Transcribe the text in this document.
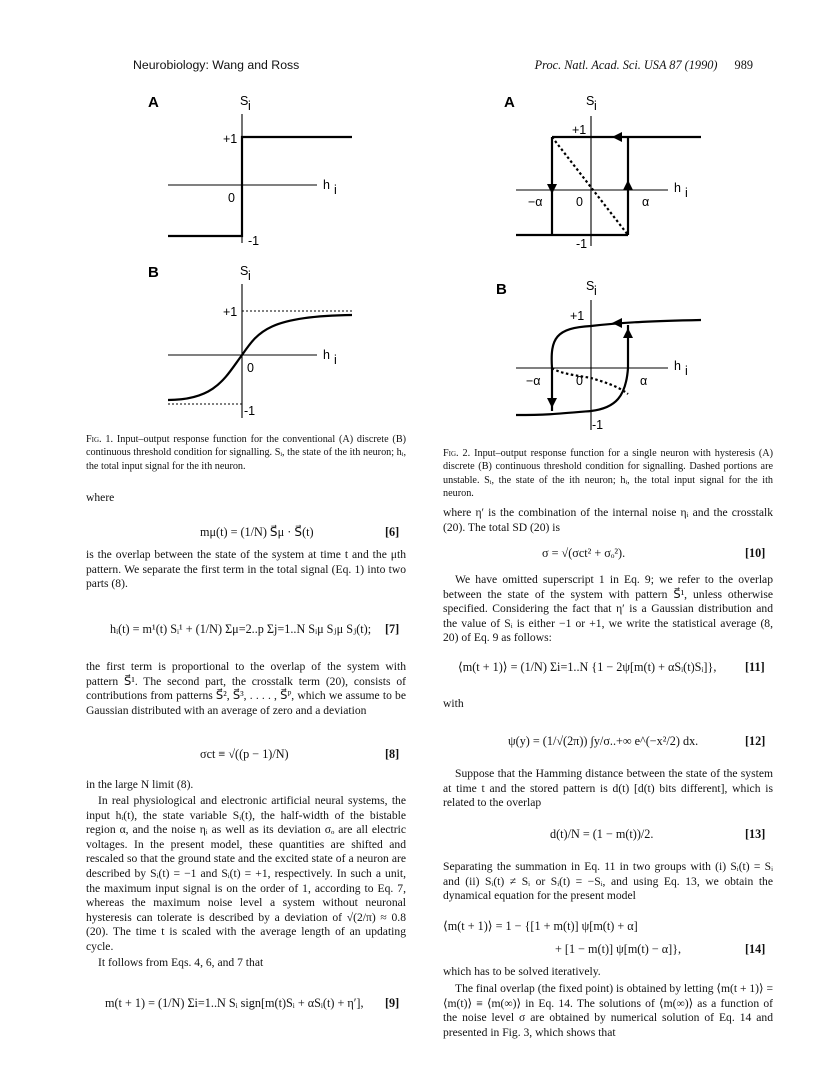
Neurobiology: Wang and Ross	Proc. Natl. Acad. Sci. USA 87 (1990) 989
A	S i
+1
0
-1
h i
B	S i
+1
0
-1
h i
A	S i
+1
−α	0	α
-1
h i
B	S i
+1
−α	0	α
-1
h i
Fig. 1. Input–output response function for the conventional (A) discrete (B) continuous threshold condition for signalling. Sᵢ, the state of the ith neuron; hᵢ, the total input signal for the ith neuron.
Fig. 2. Input–output response function for a single neuron with hysteresis (A) discrete (B) continuous threshold condition for signalling. Dashed portions are unstable. Sᵢ, the state of the ith neuron; hᵢ, the total input signal for the ith neuron.
where
mμ(t) = (1/N) S⃗μ · S⃗(t)	[6]
is the overlap between the state of the system at time t and the μth pattern. We separate the first term in the total signal (Eq. 1) into two parts (8).
hᵢ(t) = m¹(t) Sᵢ¹ + (1/N) Σμ=2..p Σj=1..N Sᵢμ Sⱼμ Sⱼ(t); [7]
the first term is proportional to the overlap of the system with pattern S⃗¹. The second part, the crosstalk term (20), consists of contributions from patterns S⃗², S⃗³, . . . . , S⃗ᴾ, which we assume to be Gaussian distributed with an average of zero and a deviation
σct ≡ √((p − 1)/N)	[8]
in the large N limit (8).
In real physiological and electronic artificial neural systems, the input hᵢ(t), the state variable Sᵢ(t), the half-width of the bistable region α, and the noise ηᵢ as well as its deviation σₒ are all electric voltages. In the present model, these quantities are shifted and rescaled so that the ground state and the excited state of a neuron are described by Sᵢ(t) = −1 and Sᵢ(t) = +1, respectively. In such a unit, the maximum input signal is on the order of 1, according to Eq. 7, whereas the maximum noise level a system without neuronal hysteresis can tolerate is described by a deviation of √(2/π) ≈ 0.8 (20). The time t is scaled with the average length of an updating cycle.
It follows from Eqs. 4, 6, and 7 that
m(t + 1) = (1/N) Σi=1..N Sᵢ sign[m(t)Sᵢ + αSᵢ(t) + η′], [9]
where η′ is the combination of the internal noise ηᵢ and the crosstalk (20). The total SD (20) is
σ = √(σct² + σₒ²).	[10]
We have omitted superscript 1 in Eq. 9; we refer to the overlap between the state of the system with pattern S⃗¹, unless otherwise specified. Considering the fact that η′ is a Gaussian distribution and the value of Sᵢ is either −1 or +1, we write the statistical average (8, 20) of Eq. 9 as follows:
⟨m(t + 1)⟩ = (1/N) Σi=1..N {1 − 2ψ[m(t) + αSᵢ(t)Sᵢ]}, [11]
with
ψ(y) = (1/√(2π)) ∫y/σ..+∞ e^(−x²/2) dx.	[12]
Suppose that the Hamming distance between the state of the system at time t and the stored pattern is d(t) [d(t) bits different], which is related to the overlap
d(t)/N = (1 − m(t))/2.	[13]
Separating the summation in Eq. 11 in two groups with (i) Sᵢ(t) = Sᵢ and (ii) Sᵢ(t) ≠ Sᵢ or Sᵢ(t) = −Sᵢ, and using Eq. 13, we obtain the dynamical equation for the present model
⟨m(t + 1)⟩ = 1 − {[1 + m(t)] ψ[m(t) + α]
+ [1 − m(t)] ψ[m(t) − α]},	[14]
which has to be solved iteratively.
The final overlap (the fixed point) is obtained by letting ⟨m(t + 1)⟩ = ⟨m(t)⟩ ≡ ⟨m(∞)⟩ in Eq. 14. The solutions of ⟨m(∞)⟩ as a function of the noise level σ are obtained by numerical solution of Eq. 14 and presented in Fig. 3, which shows that
